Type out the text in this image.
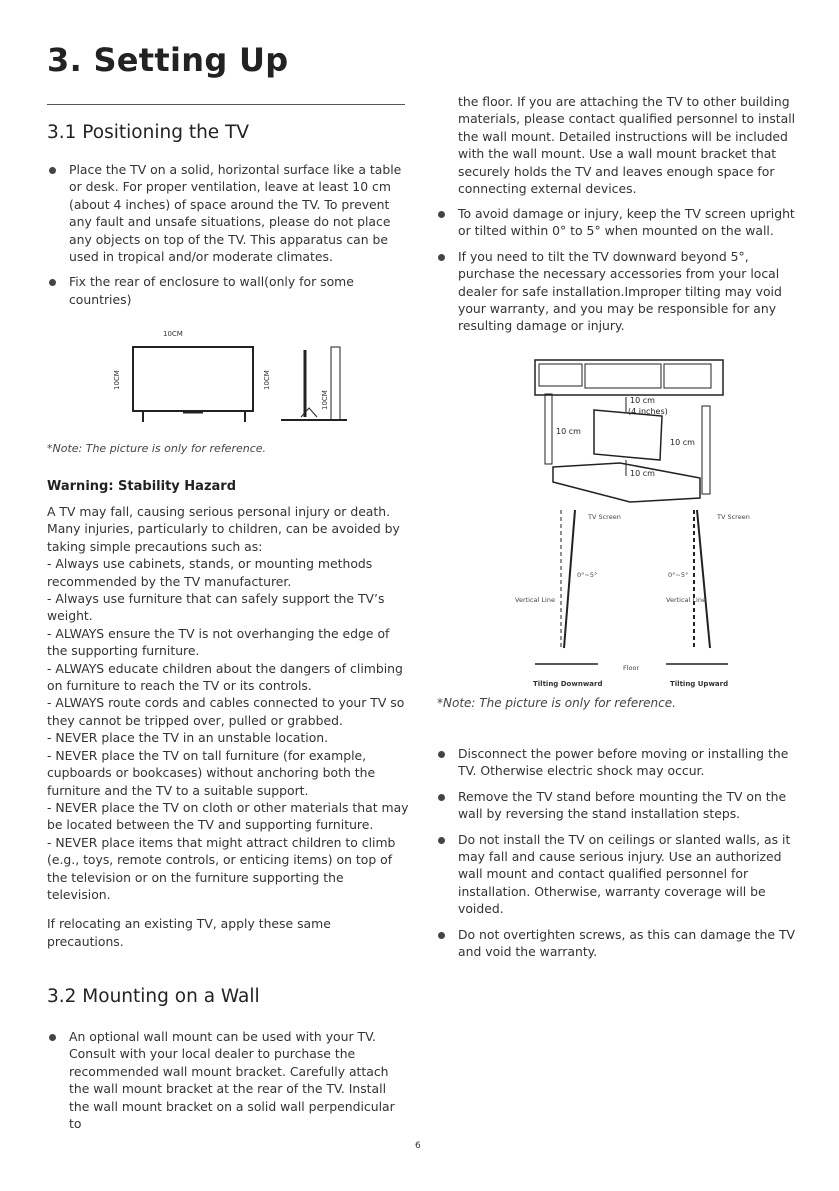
3. Setting Up
3.1 Positioning the TV
Place the TV on a solid, horizontal surface like a table or desk. For proper ventilation, leave at least 10 cm (about 4 inches) of space around the TV. To prevent any fault and unsafe situations, please do not place any objects on top of the TV. This apparatus can be used in tropical and/or moderate climates.
Fix the rear of enclosure to wall(only for some countries)
10CM
10CM	10CM
10CM
*Note: The picture is only for reference.
Warning: Stability Hazard

A TV may fall, causing serious personal injury or death. Many injuries, particularly to children, can be avoided by taking simple precautions such as:

- Always use cabinets, stands, or mounting methods recommended by the TV manufacturer.

- Always use furniture that can safely support the TV’s weight.

- ALWAYS ensure the TV is not overhanging the edge of the supporting furniture.

- ALWAYS educate children about the dangers of climbing on furniture to reach the TV or its controls.

- ALWAYS route cords and cables connected to your TV so they cannot be tripped over, pulled or grabbed.

- NEVER place the TV in an unstable location.

- NEVER place the TV on tall furniture (for example, cupboards or bookcases) without anchoring both the furniture and the TV to a suitable support.

- NEVER place the TV on cloth or other materials that may be located between the TV and supporting furniture.

- NEVER place items that might attract children to climb (e.g., toys, remote controls, or enticing items) on top of the television or on the furniture supporting the television.

If relocating an existing TV, apply these same precautions.

3.2 Mounting on a Wall
An optional wall mount can be used with your TV. Consult with your local dealer to purchase the recommended wall mount bracket. Carefully attach the wall mount bracket at the rear of the TV. Install the wall mount bracket on a solid wall perpendicular to
the floor. If you are attaching the TV to other building materials, please contact qualified personnel to install the wall mount. Detailed instructions will be included with the wall mount. Use a wall mount bracket that securely holds the TV and leaves enough space for connecting external devices.
To avoid damage or injury, keep the TV screen upright or tilted within 0° to 5° when mounted on the wall.
If you need to tilt the TV downward beyond 5°, purchase the necessary accessories from your local dealer for safe installation.Improper tilting may void your warranty, and you may be responsible for any resulting damage or injury.
10 cm
(4 inches)
10 cm
10 cm
10 cm
TV Screen
0°~5°
Vertical Line
TV Screen
0°~5°
Vertical Line
Floor
Tilting Downward	Tilting Upward
*Note: The picture is only for reference.
Disconnect the power before moving or installing the TV. Otherwise electric shock may occur.
Remove the TV stand before mounting the TV on the wall by reversing the stand installation steps.
Do not install the TV on ceilings or slanted walls, as it may fall and cause serious injury. Use an authorized wall mount and contact qualified personnel for installation. Otherwise, warranty coverage will be voided.
Do not overtighten screws, as this can damage the TV and void the warranty.
6
